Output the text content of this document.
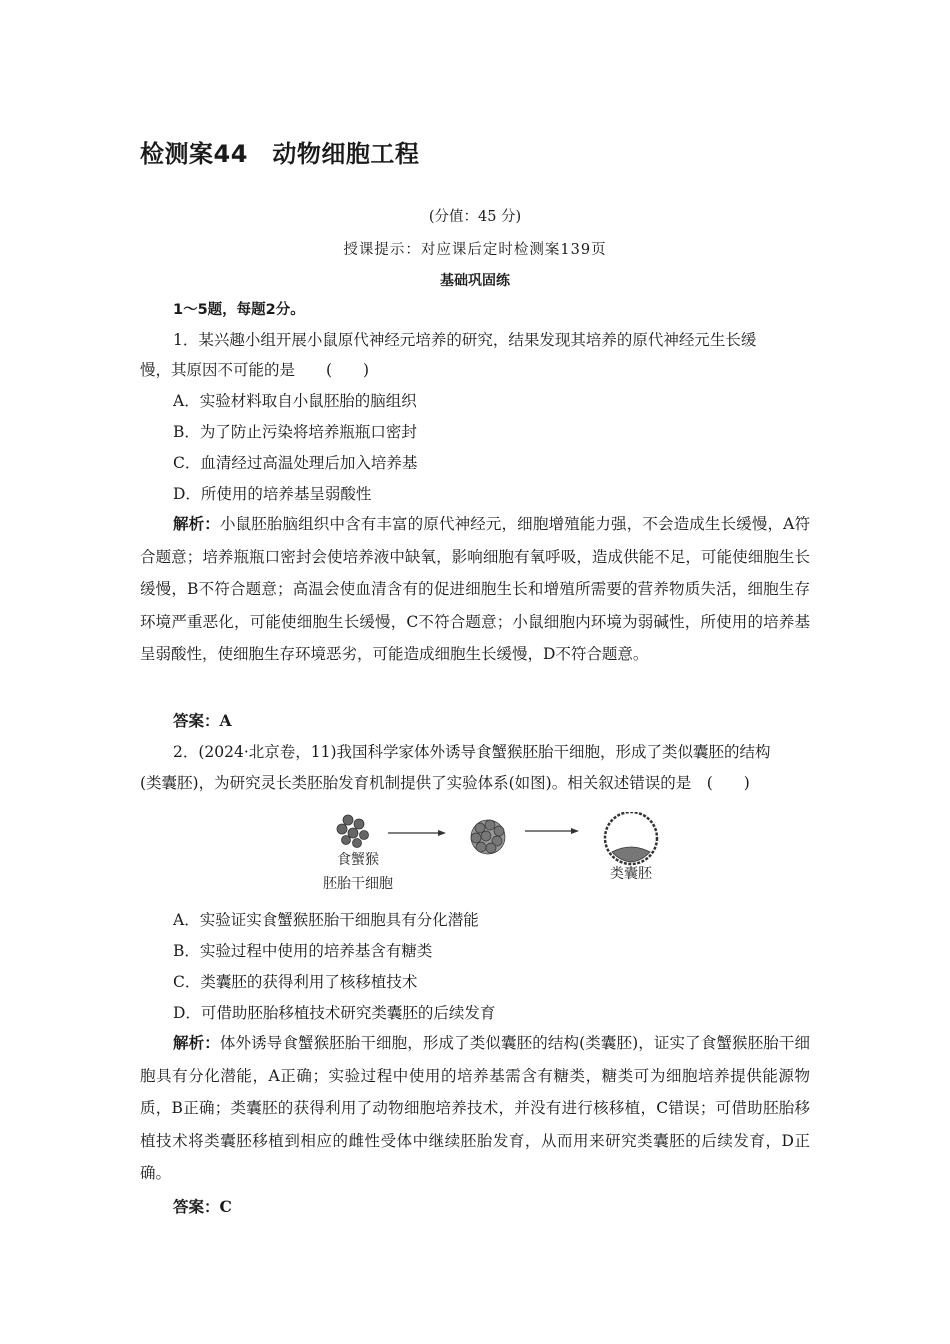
检测案44　动物细胞工程
(分值：45 分)
授课提示：对应课后定时检测案139页
基础巩固练
1～5题，每题2分。
1．某兴趣小组开展小鼠原代神经元培养的研究，结果发现其培养的原代神经元生长缓
慢，其原因不可能的是　　(　　)
A．实验材料取自小鼠胚胎的脑组织
B．为了防止污染将培养瓶瓶口密封
C．血清经过高温处理后加入培养基
D．所使用的培养基呈弱酸性
解析：小鼠胚胎脑组织中含有丰富的原代神经元，细胞增殖能力强，不会造成生长缓慢，A符合题意；培养瓶瓶口密封会使培养液中缺氧，影响细胞有氧呼吸，造成供能不足，可能使细胞生长缓慢，B不符合题意；高温会使血清含有的促进细胞生长和增殖所需要的营养物质失活，细胞生存环境严重恶化，可能使细胞生长缓慢，C不符合题意；小鼠细胞内环境为弱碱性，所使用的培养基呈弱酸性，使细胞生存环境恶劣，可能造成细胞生长缓慢，D不符合题意。
答案：A
2．(2024·北京卷，11)我国科学家体外诱导食蟹猴胚胎干细胞，形成了类似囊胚的结构
(类囊胚)，为研究灵长类胚胎发育机制提供了实验体系(如图)。相关叙述错误的是　(　　)
食蟹猴
胚胎干细胞
类囊胚
A．实验证实食蟹猴胚胎干细胞具有分化潜能
B．实验过程中使用的培养基含有糖类
C．类囊胚的获得利用了核移植技术
D．可借助胚胎移植技术研究类囊胚的后续发育
解析：体外诱导食蟹猴胚胎干细胞，形成了类似囊胚的结构(类囊胚)，证实了食蟹猴胚胎干细胞具有分化潜能，A正确；实验过程中使用的培养基需含有糖类，糖类可为细胞培养提供能源物质，B正确；类囊胚的获得利用了动物细胞培养技术，并没有进行核移植，C错误；可借助胚胎移植技术将类囊胚移植到相应的雌性受体中继续胚胎发育，从而用来研究类囊胚的后续发育，D正确。
答案：C
